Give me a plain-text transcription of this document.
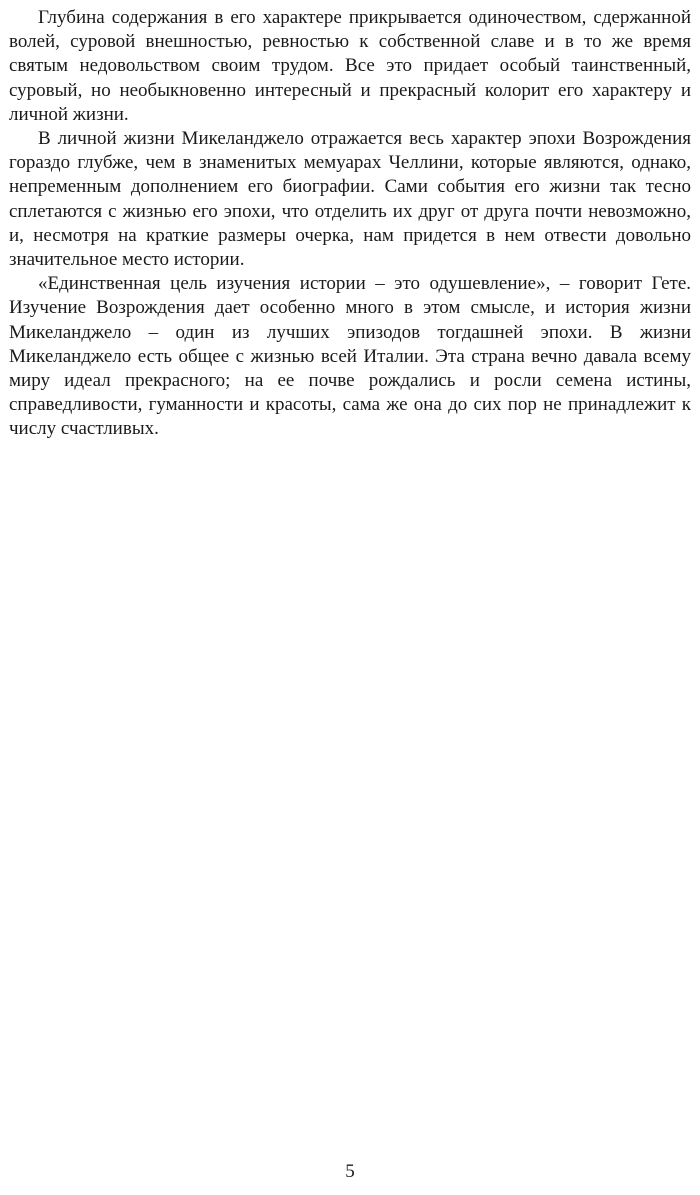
Глубина содержания в его характере прикрывается одиночеством, сдержанной волей, суровой внешностью, ревностью к собственной славе и в то же время святым недовольством своим трудом. Все это придает особый таинственный, суровый, но необыкновенно интересный и прекрасный колорит его характеру и личной жизни.

В личной жизни Микеланджело отражается весь характер эпохи Возрождения гораздо глубже, чем в знаменитых мемуарах Челлини, которые являются, однако, непременным дополнением его биографии. Сами события его жизни так тесно сплетаются с жизнью его эпохи, что отделить их друг от друга почти невозможно, и, несмотря на краткие размеры очерка, нам придется в нем отвести довольно значительное место истории.

«Единственная цель изучения истории – это одушевление», – говорит Гете. Изучение Возрождения дает особенно много в этом смысле, и история жизни Микеланджело – один из лучших эпизодов тогдашней эпохи. В жизни Микеланджело есть общее с жизнью всей Италии. Эта страна вечно давала всему миру идеал прекрасного; на ее почве рождались и росли семена истины, справедливости, гуманности и красоты, сама же она до сих пор не принадлежит к числу счастливых.

5
